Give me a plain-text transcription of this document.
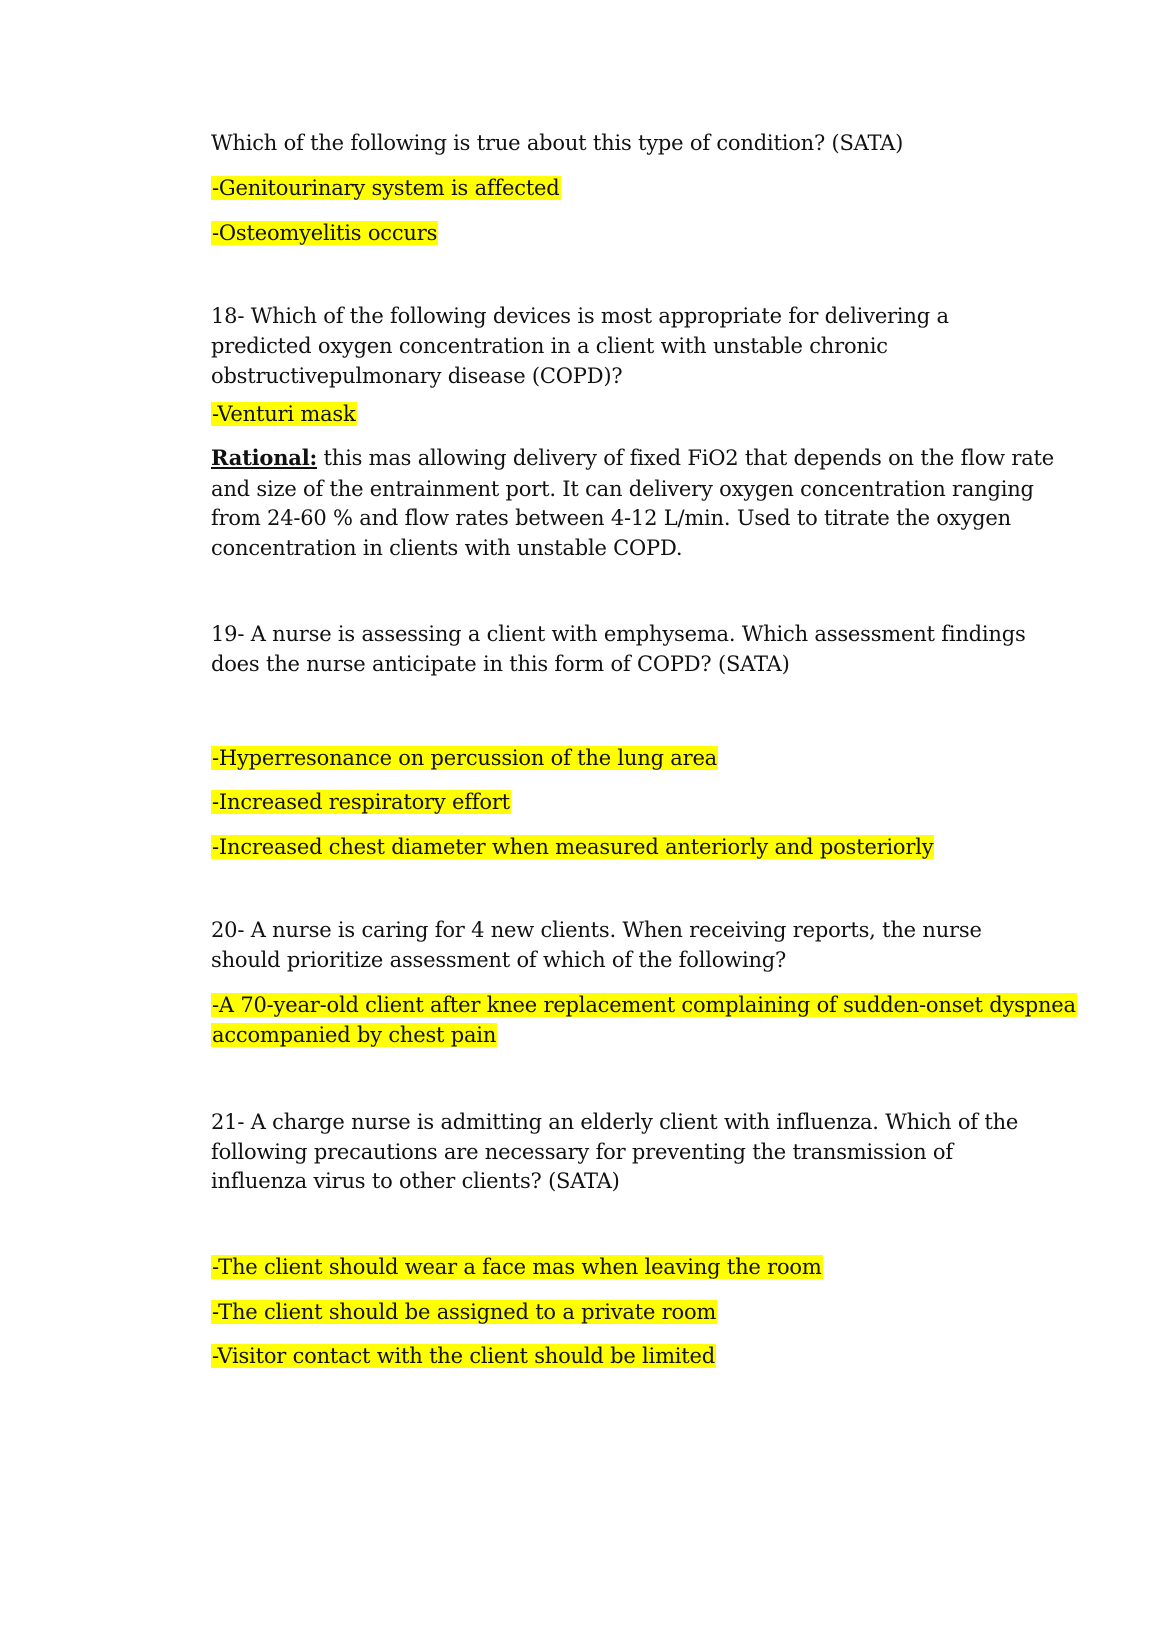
Which of the following is true about this type of condition? (SATA)
-Genitourinary system is affected
-Osteomyelitis occurs
18- Which of the following devices is most appropriate for delivering a
predicted oxygen concentration in a client with unstable chronic
obstructivepulmonary disease (COPD)?
-Venturi mask
Rational: this mas allowing delivery of fixed FiO2 that depends on the flow rate
and size of the entrainment port. It can delivery oxygen concentration ranging
from 24-60 % and flow rates between 4-12 L/min. Used to titrate the oxygen
concentration in clients with unstable COPD.
19- A nurse is assessing a client with emphysema. Which assessment findings
does the nurse anticipate in this form of COPD? (SATA)
-Hyperresonance on percussion of the lung area
-Increased respiratory effort
-Increased chest diameter when measured anteriorly and posteriorly
20- A nurse is caring for 4 new clients. When receiving reports, the nurse
should prioritize assessment of which of the following?
-A 70-year-old client after knee replacement complaining of sudden-onset dyspnea
accompanied by chest pain
21- A charge nurse is admitting an elderly client with influenza. Which of the
following precautions are necessary for preventing the transmission of
influenza virus to other clients? (SATA)
-The client should wear a face mas when leaving the room
-The client should be assigned to a private room
-Visitor contact with the client should be limited
